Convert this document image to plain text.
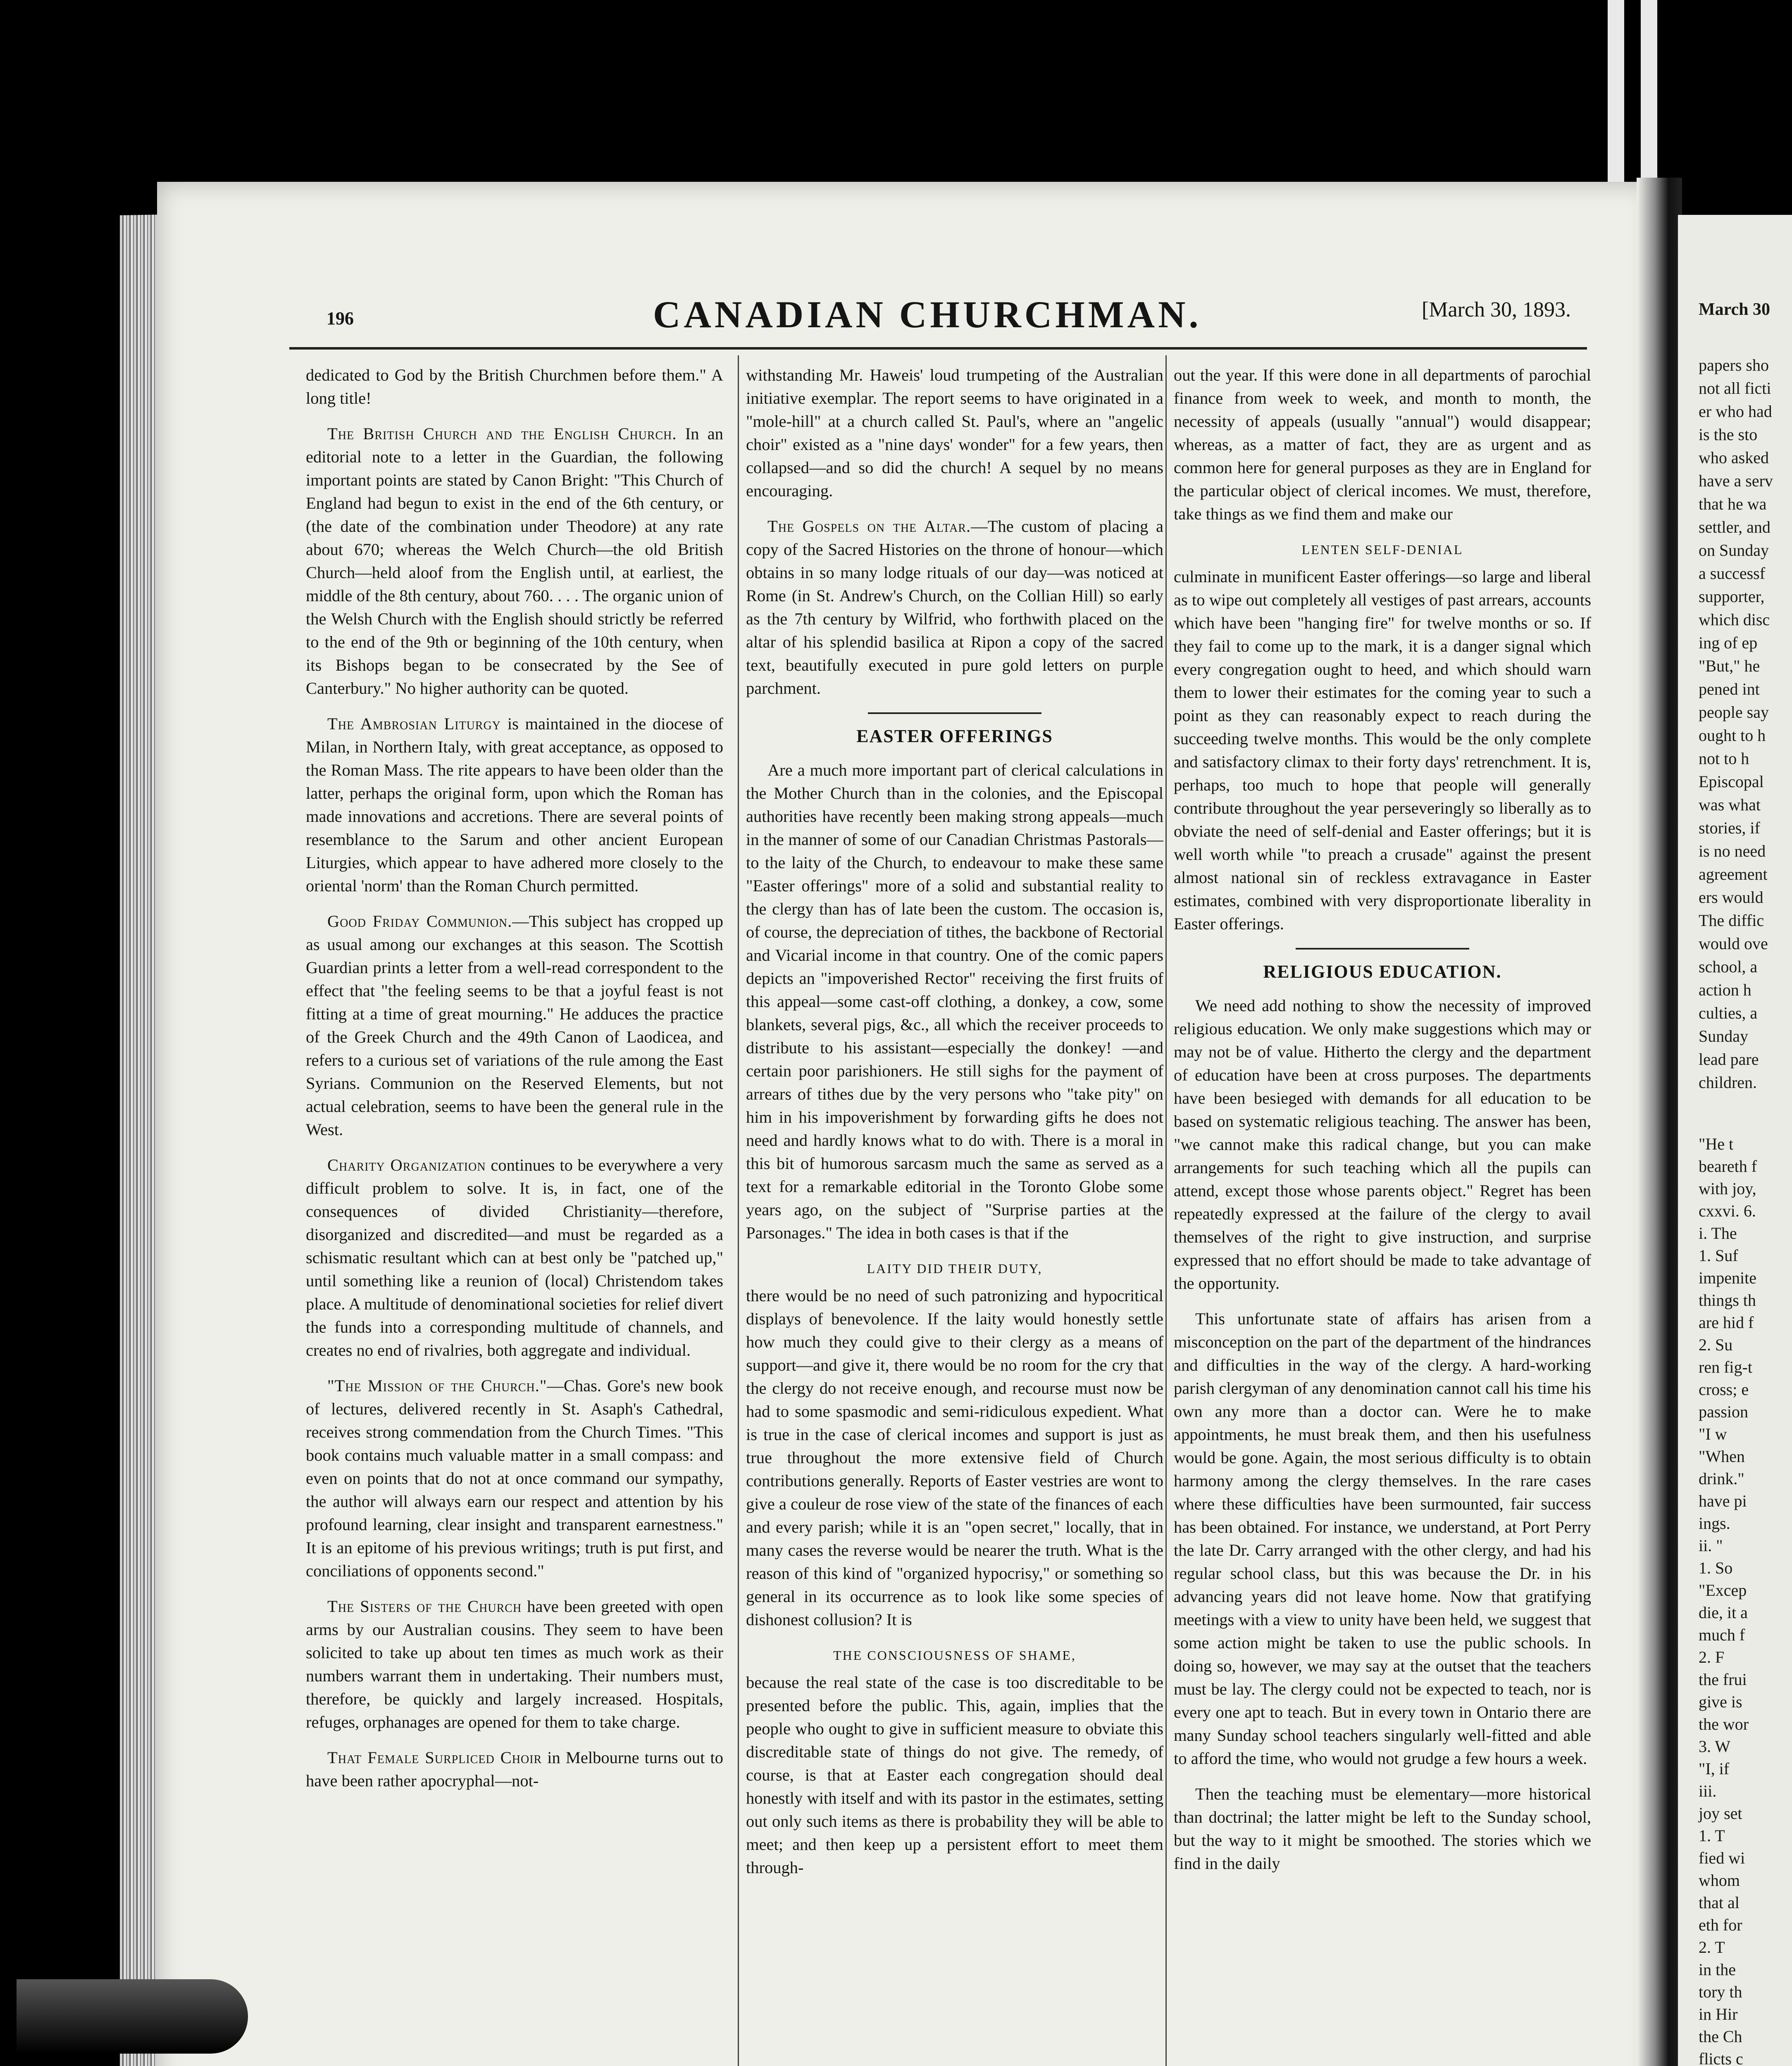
196	CANADIAN CHURCHMAN.	[March 30, 1893.	March 30

dedicated to God by the British Churchmen before them." A long title!

The British Church and the English Church. In an editorial note to a letter in the Guardian, the following important points are stated by Canon Bright: "This Church of England had begun to exist in the end of the 6th century, or (the date of the combination under Theodore) at any rate about 670; whereas the Welch Church—the old British Church—held aloof from the English until, at earliest, the middle of the 8th century, about 760. . . . The organic union of the Welsh Church with the English should strictly be referred to the end of the 9th or beginning of the 10th century, when its Bishops began to be consecrated by the See of Canterbury." No higher authority can be quoted.

The Ambrosian Liturgy is maintained in the diocese of Milan, in Northern Italy, with great acceptance, as opposed to the Roman Mass. The rite appears to have been older than the latter, perhaps the original form, upon which the Roman has made innovations and accretions. There are several points of resemblance to the Sarum and other ancient European Liturgies, which appear to have adhered more closely to the oriental 'norm' than the Roman Church permitted.

Good Friday Communion.—This subject has cropped up as usual among our exchanges at this season. The Scottish Guardian prints a letter from a well-read correspondent to the effect that "the feeling seems to be that a joyful feast is not fitting at a time of great mourning." He adduces the practice of the Greek Church and the 49th Canon of Laodicea, and refers to a curious set of variations of the rule among the East Syrians. Communion on the Reserved Elements, but not actual celebration, seems to have been the general rule in the West.

Charity Organization continues to be everywhere a very difficult problem to solve. It is, in fact, one of the consequences of divided Christianity—therefore, disorganized and discredited—and must be regarded as a schismatic resultant which can at best only be "patched up," until something like a reunion of (local) Christendom takes place. A multitude of denominational societies for relief divert the funds into a corresponding multitude of channels, and creates no end of rivalries, both aggregate and individual.

"The Mission of the Church."—Chas. Gore's new book of lectures, delivered recently in St. Asaph's Cathedral, receives strong commendation from the Church Times. "This book contains much valuable matter in a small compass: and even on points that do not at once command our sympathy, the author will always earn our respect and attention by his profound learning, clear insight and transparent earnestness." It is an epitome of his previous writings; truth is put first, and conciliations of opponents second."

The Sisters of the Church have been greeted with open arms by our Australian cousins. They seem to have been solicited to take up about ten times as much work as their numbers warrant them in undertaking. Their numbers must, therefore, be quickly and largely increased. Hospitals, refuges, orphanages are opened for them to take charge.

That Female Surpliced Choir in Melbourne turns out to have been rather apocryphal—not-

withstanding Mr. Haweis' loud trumpeting of the Australian initiative exemplar. The report seems to have originated in a "mole-hill" at a church called St. Paul's, where an "angelic choir" existed as a "nine days' wonder" for a few years, then collapsed—and so did the church! A sequel by no means encouraging.

The Gospels on the Altar.—The custom of placing a copy of the Sacred Histories on the throne of honour—which obtains in so many lodge rituals of our day—was noticed at Rome (in St. Andrew's Church, on the Collian Hill) so early as the 7th century by Wilfrid, who forthwith placed on the altar of his splendid basilica at Ripon a copy of the sacred text, beautifully executed in pure gold letters on purple parchment.

EASTER OFFERINGS

Are a much more important part of clerical calculations in the Mother Church than in the colonies, and the Episcopal authorities have recently been making strong appeals—much in the manner of some of our Canadian Christmas Pastorals—to the laity of the Church, to endeavour to make these same "Easter offerings" more of a solid and substantial reality to the clergy than has of late been the custom. The occasion is, of course, the depreciation of tithes, the backbone of Rectorial and Vicarial income in that country. One of the comic papers depicts an "impoverished Rector" receiving the first fruits of this appeal—some cast-off clothing, a donkey, a cow, some blankets, several pigs, &c., all which the receiver proceeds to distribute to his assistant—especially the donkey! —and certain poor parishioners. He still sighs for the payment of arrears of tithes due by the very persons who "take pity" on him in his impoverishment by forwarding gifts he does not need and hardly knows what to do with. There is a moral in this bit of humorous sarcasm much the same as served as a text for a remarkable editorial in the Toronto Globe some years ago, on the subject of "Surprise parties at the Parsonages." The idea in both cases is that if the

LAITY DID THEIR DUTY,

there would be no need of such patronizing and hypocritical displays of benevolence. If the laity would honestly settle how much they could give to their clergy as a means of support—and give it, there would be no room for the cry that the clergy do not receive enough, and recourse must now be had to some spasmodic and semi-ridiculous expedient. What is true in the case of clerical incomes and support is just as true throughout the more extensive field of Church contributions generally. Reports of Easter vestries are wont to give a couleur de rose view of the state of the finances of each and every parish; while it is an "open secret," locally, that in many cases the reverse would be nearer the truth. What is the reason of this kind of "organized hypocrisy," or something so general in its occurrence as to look like some species of dishonest collusion? It is

THE CONSCIOUSNESS OF SHAME,

because the real state of the case is too discreditable to be presented before the public. This, again, implies that the people who ought to give in sufficient measure to obviate this discreditable state of things do not give. The remedy, of course, is that at Easter each congregation should deal honestly with itself and with its pastor in the estimates, setting out only such items as there is probability they will be able to meet; and then keep up a persistent effort to meet them through-

out the year. If this were done in all departments of parochial finance from week to week, and month to month, the necessity of appeals (usually "annual") would disappear; whereas, as a matter of fact, they are as urgent and as common here for general purposes as they are in England for the particular object of clerical incomes. We must, therefore, take things as we find them and make our

LENTEN SELF-DENIAL

culminate in munificent Easter offerings—so large and liberal as to wipe out completely all vestiges of past arrears, accounts which have been "hanging fire" for twelve months or so. If they fail to come up to the mark, it is a danger signal which every congregation ought to heed, and which should warn them to lower their estimates for the coming year to such a point as they can reasonably expect to reach during the succeeding twelve months. This would be the only complete and satisfactory climax to their forty days' retrenchment. It is, perhaps, too much to hope that people will generally contribute throughout the year perseveringly so liberally as to obviate the need of self-denial and Easter offerings; but it is well worth while "to preach a crusade" against the present almost national sin of reckless extravagance in Easter estimates, combined with very disproportionate liberality in Easter offerings.

RELIGIOUS EDUCATION.

We need add nothing to show the necessity of improved religious education. We only make suggestions which may or may not be of value. Hitherto the clergy and the department of education have been at cross purposes. The departments have been besieged with demands for all education to be based on systematic religious teaching. The answer has been, "we cannot make this radical change, but you can make arrangements for such teaching which all the pupils can attend, except those whose parents object." Regret has been repeatedly expressed at the failure of the clergy to avail themselves of the right to give instruction, and surprise expressed that no effort should be made to take advantage of the opportunity.

This unfortunate state of affairs has arisen from a misconception on the part of the department of the hindrances and difficulties in the way of the clergy. A hard-working parish clergyman of any denomination cannot call his time his own any more than a doctor can. Were he to make appointments, he must break them, and then his usefulness would be gone. Again, the most serious difficulty is to obtain harmony among the clergy themselves. In the rare cases where these difficulties have been surmounted, fair success has been obtained. For instance, we understand, at Port Perry the late Dr. Carry arranged with the other clergy, and had his regular school class, but this was because the Dr. in his advancing years did not leave home. Now that gratifying meetings with a view to unity have been held, we suggest that some action might be taken to use the public schools. In doing so, however, we may say at the outset that the teachers must be lay. The clergy could not be expected to teach, nor is every one apt to teach. But in every town in Ontario there are many Sunday school teachers singularly well-fitted and able to afford the time, who would not grudge a few hours a week.

Then the teaching must be elementary—more historical than doctrinal; the latter might be left to the Sunday school, but the way to it might be smoothed. The stories which we find in the daily

papers sho
not all ficti
er who had
is the sto
who asked
have a serv
that he wa
settler, and
on Sunday
a successf
supporter,
which disc
ing of ep
"But," he
pened int
people say
ought to h
not to h
Episcopal
was what
stories, if
is no need
agreement
ers would
The diffic
would ove
school, a
action h
culties, a
Sunday
lead pare
children.
"He t
beareth f
with joy,
cxxvi. 6.
i. The
1. Suf
impenite
things th
are hid f
2. Su
ren fig-t
cross; e
passion
"I w
"When
drink."
have pi
ings.
ii. "
1. So
"Excep
die, it a
much f
2. F
the frui
give is
the wor
3. W
"I, if
iii.
joy set
1. T
fied wi
whom
that al
eth for
2. T
in the
tory th
in Hir
the Ch
flicts c
